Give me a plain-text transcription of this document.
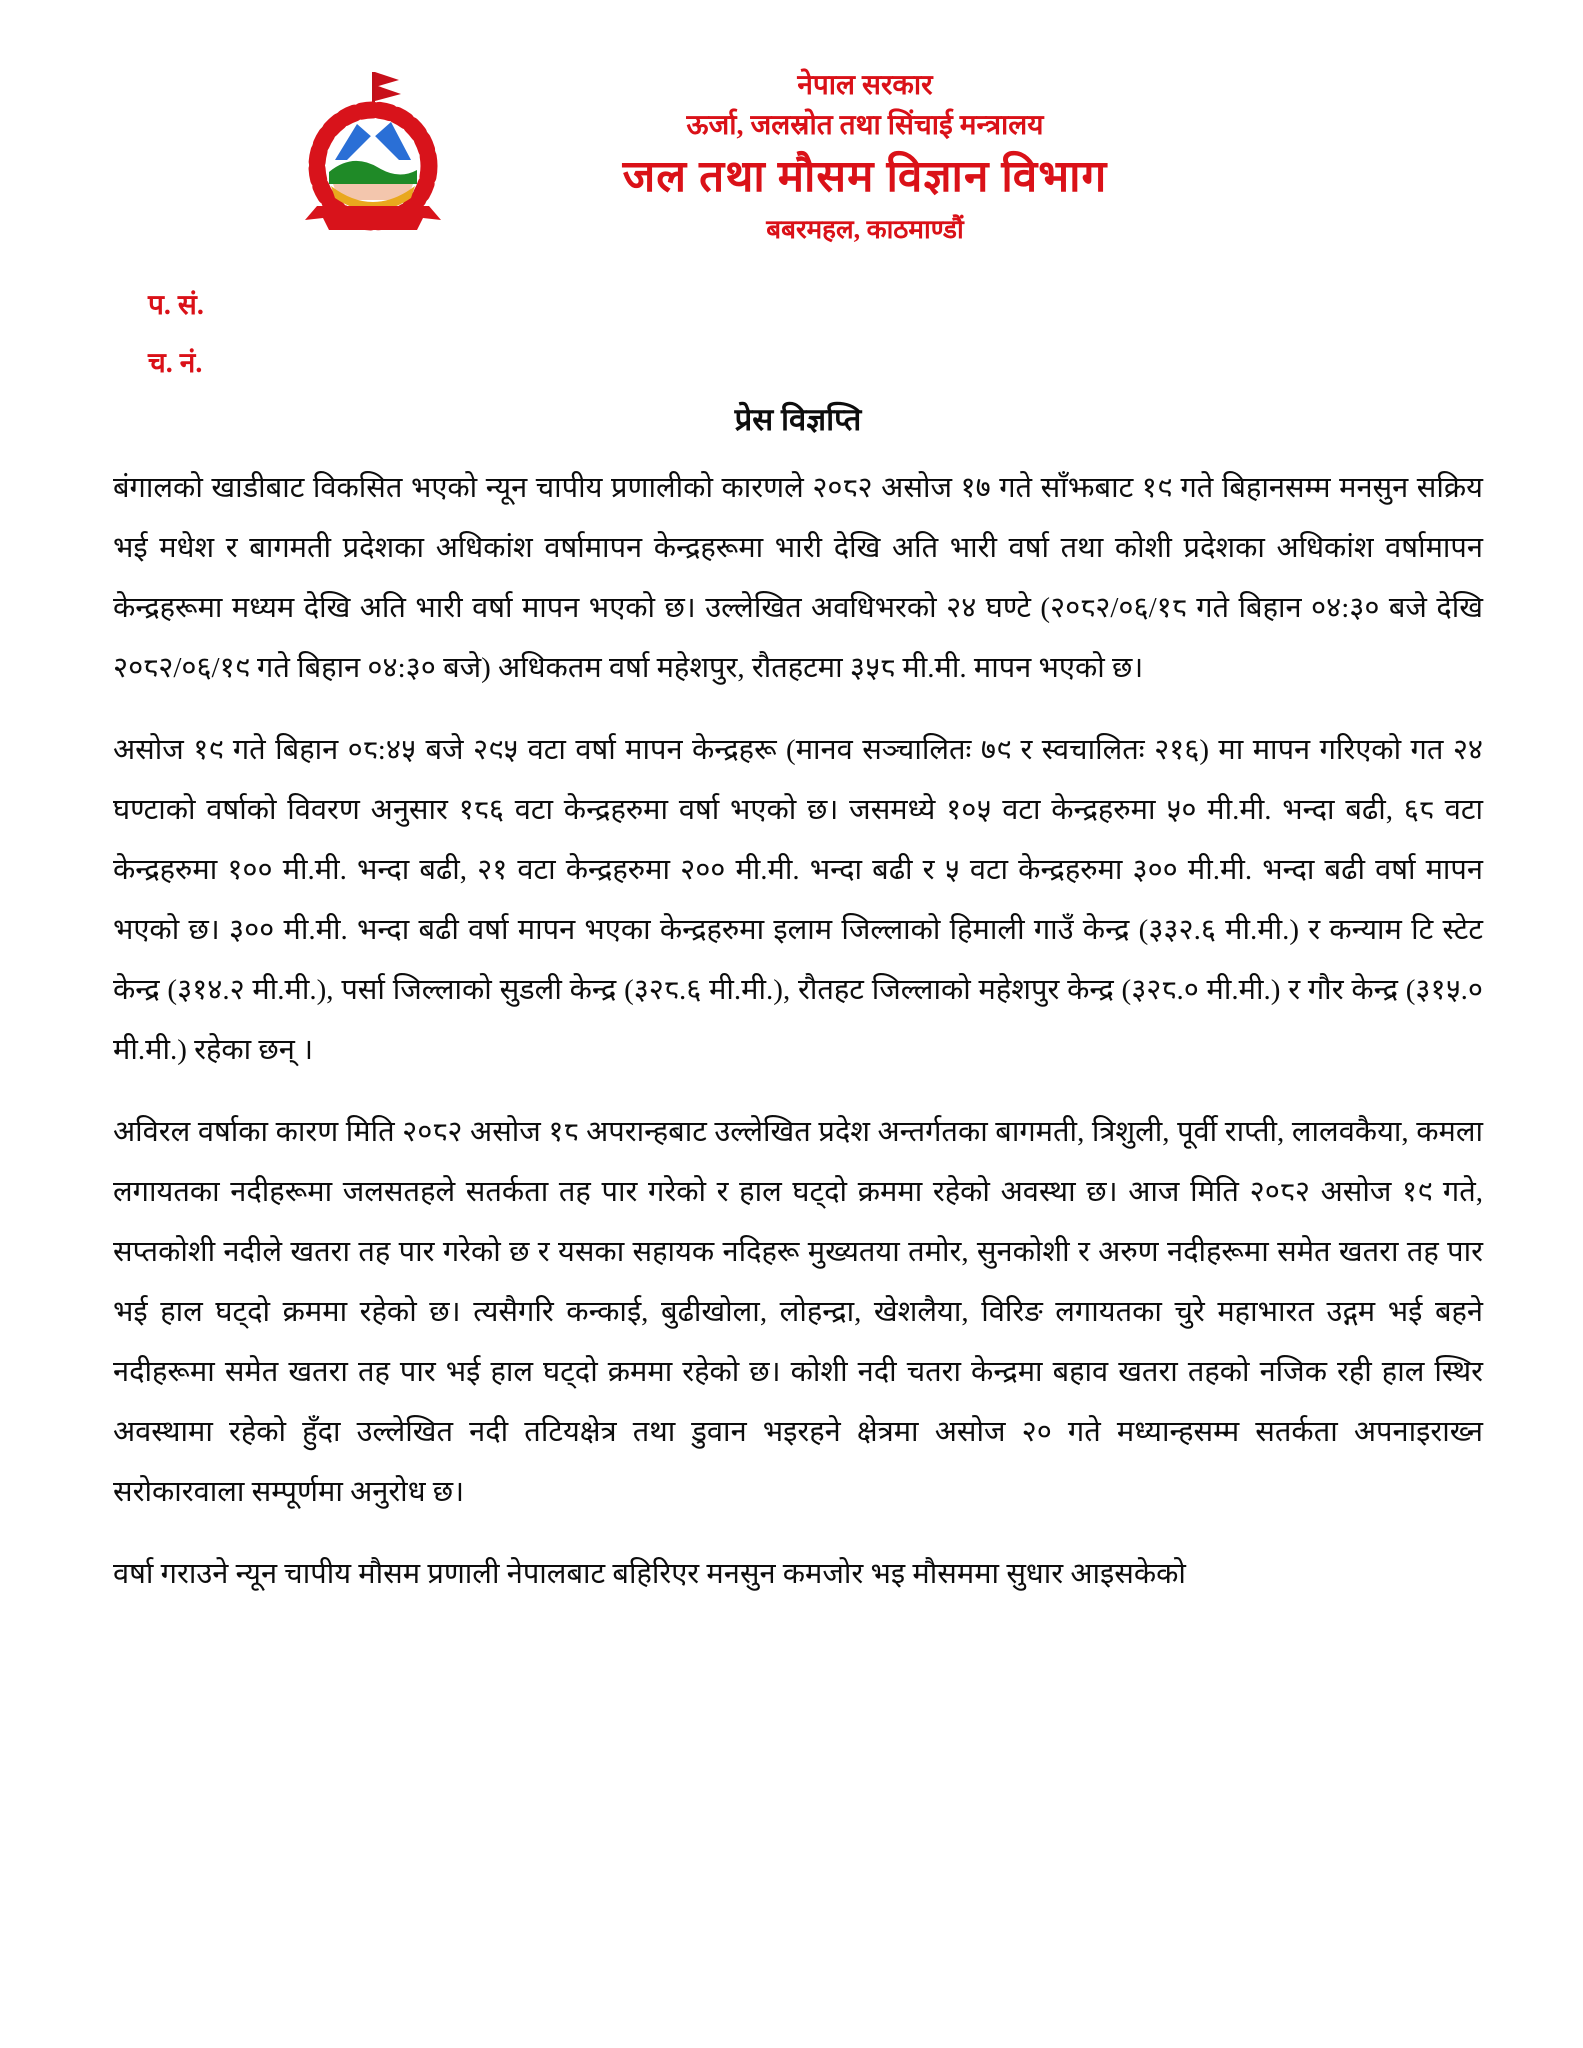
नेपाल सरकार
ऊर्जा, जलस्रोत तथा सिंचाई मन्त्रालय
जल तथा मौसम विज्ञान विभाग
बबरमहल, काठमाण्डौं
प. सं.
च. नं.
प्रेस विज्ञप्ति

बंगालको खाडीबाट विकसित भएको न्यून चापीय प्रणालीको कारणले २०८२ असोज १७ गते साँझबाट १९ गते बिहानसम्म मनसुन सक्रिय भई मधेश र बागमती प्रदेशका अधिकांश वर्षामापन केन्द्रहरूमा भारी देखि अति भारी वर्षा तथा कोशी प्रदेशका अधिकांश वर्षामापन केन्द्रहरूमा मध्यम देखि अति भारी वर्षा मापन भएको छ। उल्लेखित अवधिभरको २४ घण्टे (२०८२/०६/१८ गते बिहान ०४:३० बजे देखि २०८२/०६/१९ गते बिहान ०४:३० बजे) अधिकतम वर्षा महेशपुर, रौतहटमा ३५८ मी.मी. मापन भएको छ।

असोज १९ गते बिहान ०८:४५ बजे २९५ वटा वर्षा मापन केन्द्रहरू (मानव सञ्चालितः ७९ र स्वचालितः २१६) मा मापन गरिएको गत २४ घण्टाको वर्षाको विवरण अनुसार १८६ वटा केन्द्रहरुमा वर्षा भएको छ। जसमध्ये १०५ वटा केन्द्रहरुमा ५० मी.मी. भन्दा बढी, ६८ वटा केन्द्रहरुमा १०० मी.मी. भन्दा बढी, २१ वटा केन्द्रहरुमा २०० मी.मी. भन्दा बढी र ५ वटा केन्द्रहरुमा ३०० मी.मी. भन्दा बढी वर्षा मापन भएको छ। ३०० मी.मी. भन्दा बढी वर्षा मापन भएका केन्द्रहरुमा इलाम जिल्लाको हिमाली गाउँ केन्द्र (३३२.६ मी.मी.) र कन्याम टि स्टेट केन्द्र (३१४.२ मी.मी.), पर्सा जिल्लाको सुडली केन्द्र (३२८.६ मी.मी.), रौतहट जिल्लाको महेशपुर केन्द्र (३२८.० मी.मी.) र गौर केन्द्र (३१५.० मी.मी.) रहेका छन् ।

अविरल वर्षाका कारण मिति २०८२ असोज १८ अपरान्हबाट उल्लेखित प्रदेश अन्तर्गतका बागमती, त्रिशुली, पूर्वी राप्ती, लालवकैया, कमला लगायतका नदीहरूमा जलसतहले सतर्कता तह पार गरेको र हाल घट्दो क्रममा रहेको अवस्था छ। आज मिति २०८२ असोज १९ गते, सप्तकोशी नदीले खतरा तह पार गरेको छ र यसका सहायक नदिहरू मुख्यतया तमोर, सुनकोशी र अरुण नदीहरूमा समेत खतरा तह पार भई हाल घट्दो क्रममा रहेको छ। त्यसैगरि कन्काई, बुढीखोला, लोहन्द्रा, खेशलैया, विरिङ लगायतका चुरे महाभारत उद्गम भई बहने नदीहरूमा समेत खतरा तह पार भई हाल घट्दो क्रममा रहेको छ। कोशी नदी चतरा केन्द्रमा बहाव खतरा तहको नजिक रही हाल स्थिर अवस्थामा रहेको हुँदा उल्लेखित नदी तटियक्षेत्र तथा डुवान भइरहने क्षेत्रमा असोज २० गते मध्यान्हसम्म सतर्कता अपनाइराख्न सरोकारवाला सम्पूर्णमा अनुरोध छ।

वर्षा गराउने न्यून चापीय मौसम प्रणाली नेपालबाट बहिरिएर मनसुन कमजोर भइ मौसममा सुधार आइसकेको
